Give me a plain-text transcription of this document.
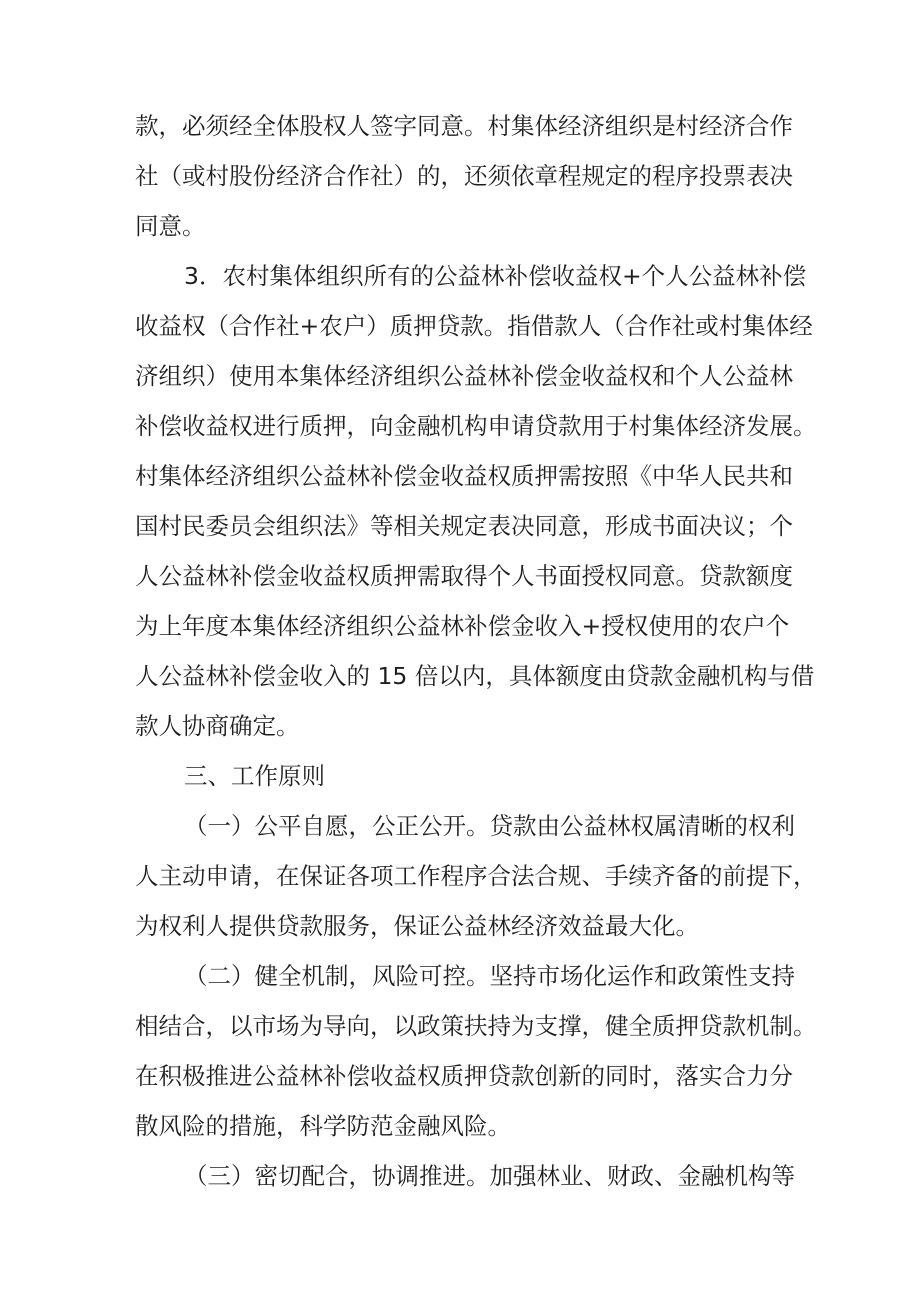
款，必须经全体股权人签字同意。村集体经济组织是村经济合作
社（或村股份经济合作社）的，还须依章程规定的程序投票表决
同意。
3．农村集体组织所有的公益林补偿收益权+个人公益林补偿
收益权（合作社+农户）质押贷款。指借款人（合作社或村集体经
济组织）使用本集体经济组织公益林补偿金收益权和个人公益林
补偿收益权进行质押，向金融机构申请贷款用于村集体经济发展。
村集体经济组织公益林补偿金收益权质押需按照《中华人民共和
国村民委员会组织法》等相关规定表决同意，形成书面决议；个
人公益林补偿金收益权质押需取得个人书面授权同意。贷款额度
为上年度本集体经济组织公益林补偿金收入+授权使用的农户个
人公益林补偿金收入的 15 倍以内，具体额度由贷款金融机构与借
款人协商确定。
三、工作原则
（一）公平自愿，公正公开。贷款由公益林权属清晰的权利
人主动申请，在保证各项工作程序合法合规、手续齐备的前提下，
为权利人提供贷款服务，保证公益林经济效益最大化。
（二）健全机制，风险可控。坚持市场化运作和政策性支持
相结合，以市场为导向，以政策扶持为支撑，健全质押贷款机制。
在积极推进公益林补偿收益权质押贷款创新的同时，落实合力分
散风险的措施，科学防范金融风险。
（三）密切配合，协调推进。加强林业、财政、金融机构等
